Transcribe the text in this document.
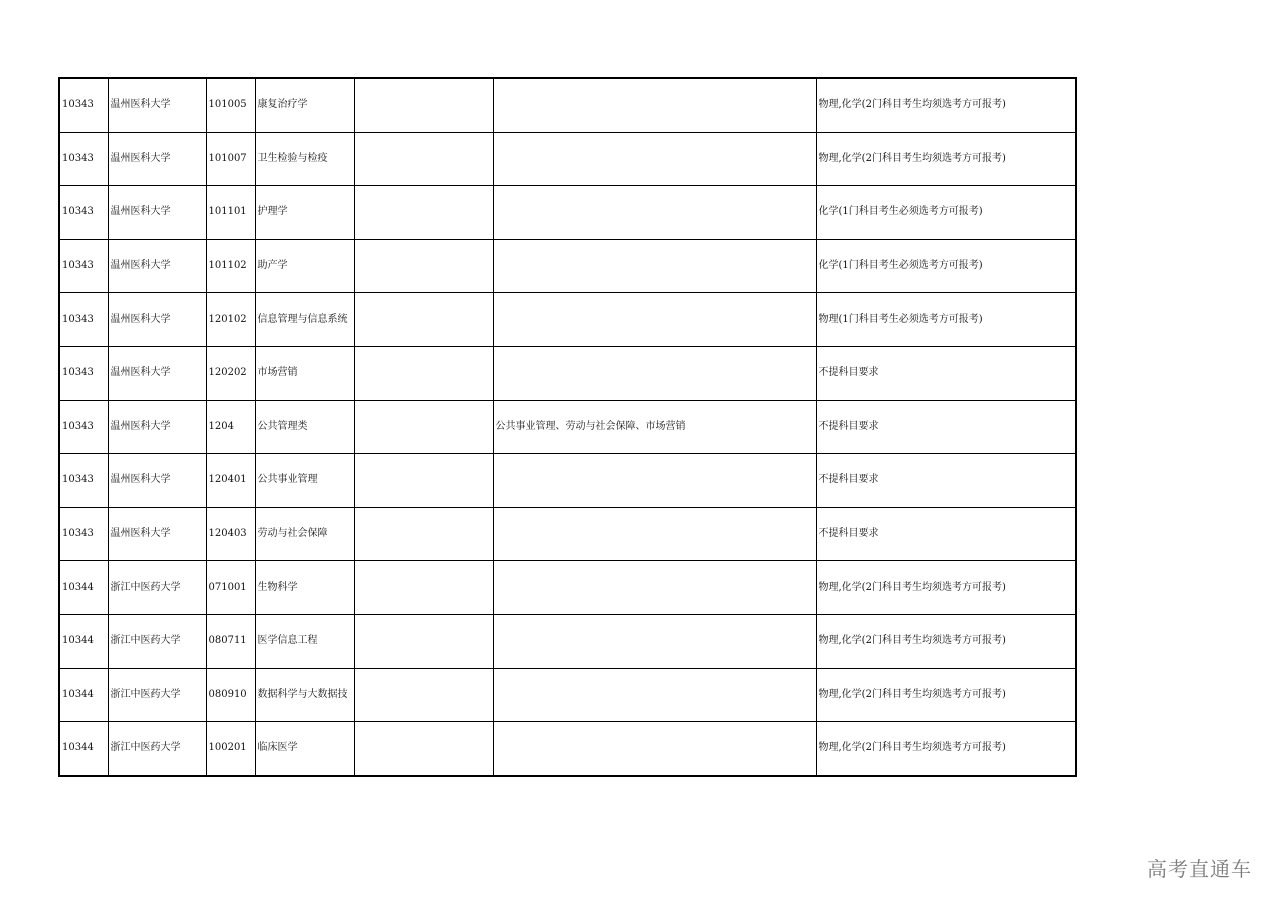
10343	温州医科大学	101005	康复治疗学			物理,化学(2门科目考生均须选考方可报考)
10343	温州医科大学	101007	卫生检验与检疫			物理,化学(2门科目考生均须选考方可报考)
10343	温州医科大学	101101	护理学			化学(1门科目考生必须选考方可报考)
10343	温州医科大学	101102	助产学			化学(1门科目考生必须选考方可报考)
10343	温州医科大学	120102	信息管理与信息系统			物理(1门科目考生必须选考方可报考)
10343	温州医科大学	120202	市场营销			不提科目要求
10343	温州医科大学	1204	公共管理类		公共事业管理、劳动与社会保障、市场营销	不提科目要求
10343	温州医科大学	120401	公共事业管理			不提科目要求
10343	温州医科大学	120403	劳动与社会保障			不提科目要求
10344	浙江中医药大学	071001	生物科学			物理,化学(2门科目考生均须选考方可报考)
10344	浙江中医药大学	080711	医学信息工程			物理,化学(2门科目考生均须选考方可报考)
10344	浙江中医药大学	080910	数据科学与大数据技			物理,化学(2门科目考生均须选考方可报考)
10344	浙江中医药大学	100201	临床医学			物理,化学(2门科目考生均须选考方可报考)
高考直通车
